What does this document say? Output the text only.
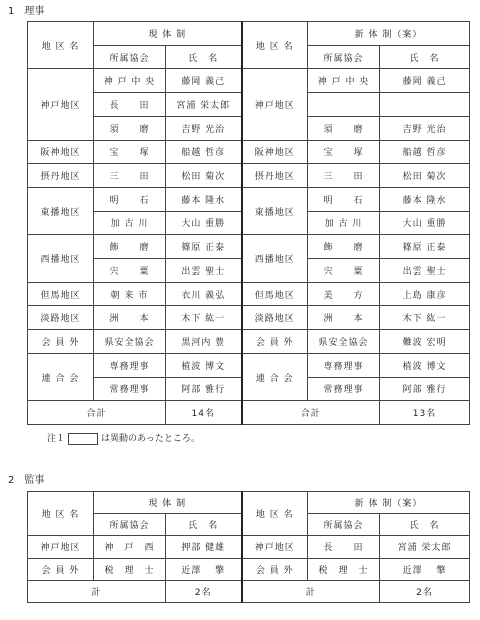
1　理事
地 区 名	現 体 制		地 区 名	新 体 制（案）	
	所属協会	氏　名		所属協会	氏　名
神戸地区	神 戸 中 央	藤岡 義己	神戸地区	神 戸 中 央	藤岡 義己
	長　　田	宮浦 栄太郎			
	須　　磨	吉野 光治		須　　磨	吉野 光治
阪神地区	宝　　塚	船越 哲彦	阪神地区	宝　　塚	船越 哲彦
摂丹地区	三　　田	松田 菊次	摂丹地区	三　　田	松田 菊次
東播地区	明　　石	藤本 隆水	東播地区	明　　石	藤本 隆水
	加 古 川	大山 重勝		加 古 川	大山 重勝
西播地区	飾　　磨	篠原 正泰	西播地区	飾　　磨	篠原 正泰
	宍　　粟	出雲 聖士		宍　　粟	出雲 聖士
但馬地区	朝 来 市	衣川 義弘	但馬地区	美　　方	上島 康彦
淡路地区	洲　　本	木下 紘一	淡路地区	洲　　本	木下 紘一
会 員 外	県安全協会	黒河内 豊	会 員 外	県安全協会	難波 宏明
連 合 会	専務理事	植波 博文	連 合 会	専務理事	植波 博文
	常務理事	阿部 雅行		常務理事	阿部 雅行
合計		14名	合計		13名
注１	は異動のあったところ。
2　監事
地 区 名	現 体 制		地 区 名	新 体 制（案）	
	所属協会	氏　名		所属協会	氏　名
神戸地区	神　戸　西	押部 健雄	神戸地区	長　　田	宮浦 栄太郎
会 員 外	税　理　士	近澤　 擎	会 員 外	税　理　士	近澤　 擎
計		2名	計		2名
